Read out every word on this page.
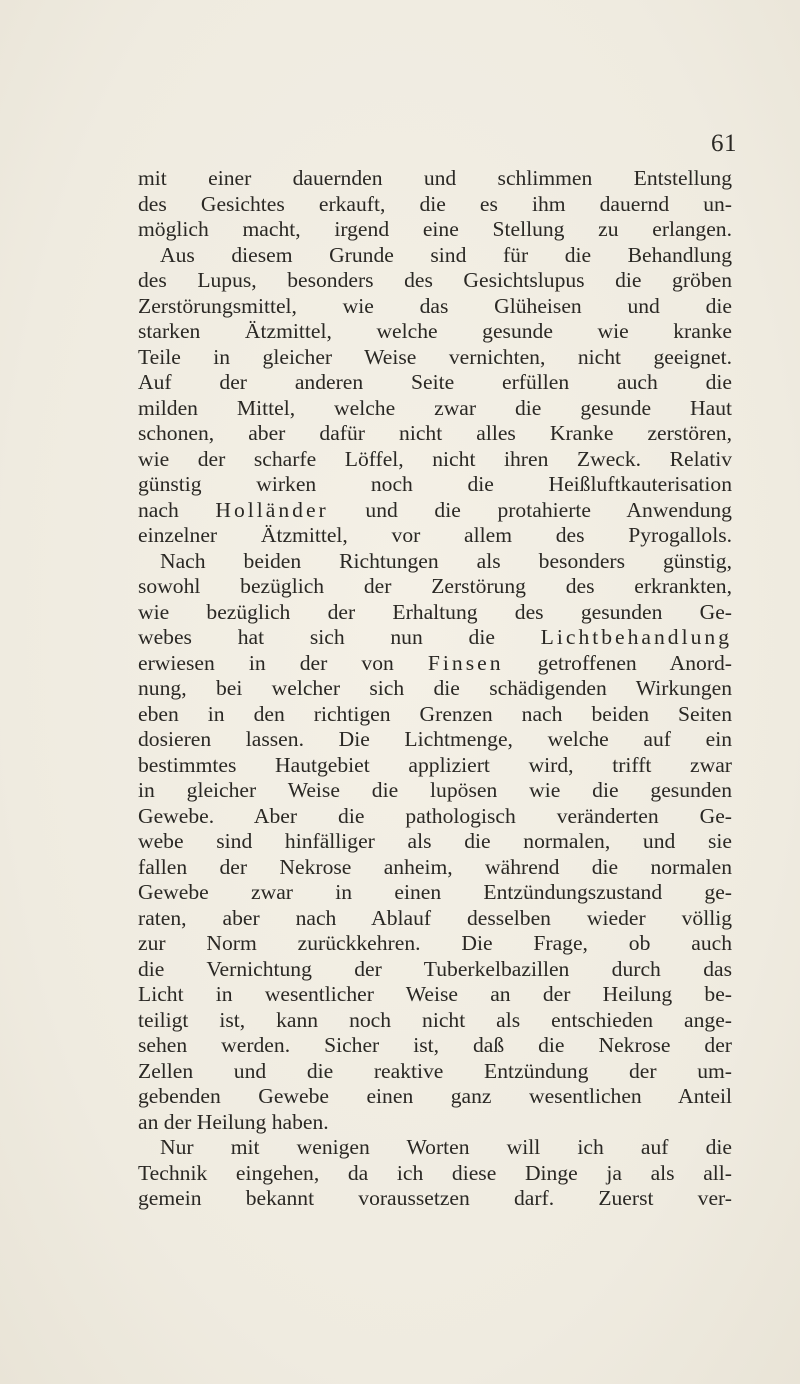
61
mit einer dauernden und schlimmen Entstellung
des Gesichtes erkauft, die es ihm dauernd un-
möglich macht, irgend eine Stellung zu erlangen.
Aus diesem Grunde sind für die Behandlung
des Lupus, besonders des Gesichtslupus die gröben
Zerstörungsmittel, wie das Glüheisen und die
starken Ätzmittel, welche gesunde wie kranke
Teile in gleicher Weise vernichten, nicht geeignet.
Auf der anderen Seite erfüllen auch die
milden Mittel, welche zwar die gesunde Haut
schonen, aber dafür nicht alles Kranke zerstören,
wie der scharfe Löffel, nicht ihren Zweck. Relativ
günstig wirken noch die Heißluftkauterisation
nach Holländer und die protahierte Anwendung
einzelner Ätzmittel, vor allem des Pyrogallols.
Nach beiden Richtungen als besonders günstig,
sowohl bezüglich der Zerstörung des erkrankten,
wie bezüglich der Erhaltung des gesunden Ge-
webes hat sich nun die Lichtbehandlung
erwiesen in der von Finsen getroffenen Anord-
nung, bei welcher sich die schädigenden Wirkungen
eben in den richtigen Grenzen nach beiden Seiten
dosieren lassen. Die Lichtmenge, welche auf ein
bestimmtes Hautgebiet appliziert wird, trifft zwar
in gleicher Weise die lupösen wie die gesunden
Gewebe. Aber die pathologisch veränderten Ge-
webe sind hinfälliger als die normalen, und sie
fallen der Nekrose anheim, während die normalen
Gewebe zwar in einen Entzündungszustand ge-
raten, aber nach Ablauf desselben wieder völlig
zur Norm zurückkehren. Die Frage, ob auch
die Vernichtung der Tuberkelbazillen durch das
Licht in wesentlicher Weise an der Heilung be-
teiligt ist, kann noch nicht als entschieden ange-
sehen werden. Sicher ist, daß die Nekrose der
Zellen und die reaktive Entzündung der um-
gebenden Gewebe einen ganz wesentlichen Anteil
an der Heilung haben.
Nur mit wenigen Worten will ich auf die
Technik eingehen, da ich diese Dinge ja als all-
gemein bekannt voraussetzen darf. Zuerst ver-
